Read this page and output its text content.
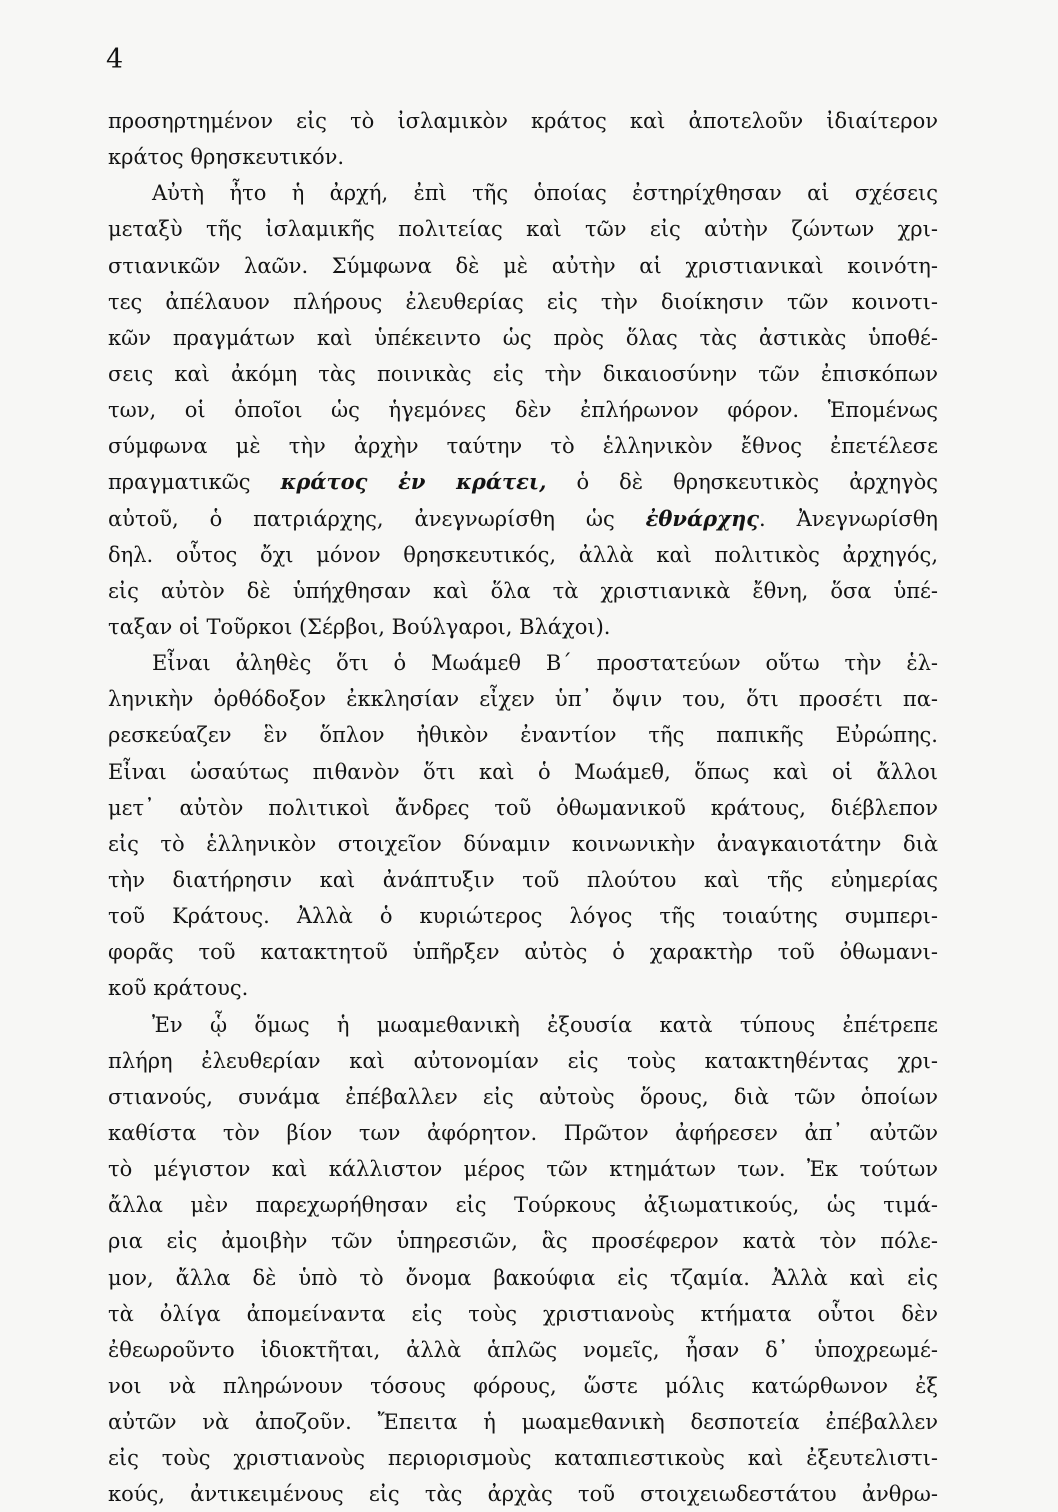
4
προσηρτημένον εἰς τὸ ἰσλαμικὸν κράτος καὶ ἀποτελοῦν ἰδιαίτερον
κράτος θρησκευτικόν.
Αὐτὴ ἦτο ἡ ἀρχή, ἐπὶ τῆς ὁποίας ἐστηρίχθησαν αἱ σχέσεις
μεταξὺ τῆς ἰσλαμικῆς πολιτείας καὶ τῶν εἰς αὐτὴν ζώντων χρι-
στιανικῶν λαῶν. Σύμφωνα δὲ μὲ αὐτὴν αἱ χριστιανικαὶ κοινότη-
τες ἀπέλαυον πλήρους ἐλευθερίας εἰς τὴν διοίκησιν τῶν κοινοτι-
κῶν πραγμάτων καὶ ὑπέκειντο ὡς πρὸς ὅλας τὰς ἀστικὰς ὑποθέ-
σεις καὶ ἀκόμη τὰς ποινικὰς εἰς τὴν δικαιοσύνην τῶν ἐπισκόπων
των, οἱ ὁποῖοι ὡς ἡγεμόνες δὲν ἐπλήρωνον φόρον. Ἑπομένως
σύμφωνα μὲ τὴν ἀρχὴν ταύτην τὸ ἑλληνικὸν ἔθνος ἐπετέλεσε
πραγματικῶς κράτος ἐν κράτει, ὁ δὲ θρησκευτικὸς ἀρχηγὸς
αὐτοῦ, ὁ πατριάρχης, ἀνεγνωρίσθη ὡς ἐθνάρχης. Ἀνεγνωρίσθη
δηλ. οὗτος ὄχι μόνον θρησκευτικός, ἀλλὰ καὶ πολιτικὸς ἀρχηγός,
εἰς αὐτὸν δὲ ὑπήχθησαν καὶ ὅλα τὰ χριστιανικὰ ἔθνη, ὅσα ὑπέ-
ταξαν οἱ Τοῦρκοι (Σέρβοι, Βούλγαροι, Βλάχοι).
Εἶναι ἀληθὲς ὅτι ὁ Μωάμεθ Β΄ προστατεύων οὕτω τὴν ἑλ-
ληνικὴν ὀρθόδοξον ἐκκλησίαν εἶχεν ὑπ᾽ ὄψιν του, ὅτι προσέτι πα-
ρεσκεύαζεν ἓν ὅπλον ἠθικὸν ἐναντίον τῆς παπικῆς Εὐρώπης.
Εἶναι ὡσαύτως πιθανὸν ὅτι καὶ ὁ Μωάμεθ, ὅπως καὶ οἱ ἄλλοι
μετ᾽ αὐτὸν πολιτικοὶ ἄνδρες τοῦ ὀθωμανικοῦ κράτους, διέβλεπον
εἰς τὸ ἑλληνικὸν στοιχεῖον δύναμιν κοινωνικὴν ἀναγκαιοτάτην διὰ
τὴν διατήρησιν καὶ ἀνάπτυξιν τοῦ πλούτου καὶ τῆς εὐημερίας
τοῦ Κράτους. Ἀλλὰ ὁ κυριώτερος λόγος τῆς τοιαύτης συμπερι-
φορᾶς τοῦ κατακτητοῦ ὑπῆρξεν αὐτὸς ὁ χαρακτὴρ τοῦ ὀθωμανι-
κοῦ κράτους.
Ἐν ᾧ ὅμως ἡ μωαμεθανικὴ ἐξουσία κατὰ τύπους ἐπέτρεπε
πλήρη ἐλευθερίαν καὶ αὐτονομίαν εἰς τοὺς κατακτηθέντας χρι-
στιανούς, συνάμα ἐπέβαλλεν εἰς αὐτοὺς ὅρους, διὰ τῶν ὁποίων
καθίστα τὸν βίον των ἀφόρητον. Πρῶτον ἀφήρεσεν ἀπ᾽ αὐτῶν
τὸ μέγιστον καὶ κάλλιστον μέρος τῶν κτημάτων των. Ἐκ τούτων
ἄλλα μὲν παρεχωρήθησαν εἰς Τούρκους ἀξιωματικούς, ὡς τιμά-
ρια εἰς ἀμοιβὴν τῶν ὑπηρεσιῶν, ἃς προσέφερον κατὰ τὸν πόλε-
μον, ἄλλα δὲ ὑπὸ τὸ ὄνομα βακούφια εἰς τζαμία. Ἀλλὰ καὶ εἰς
τὰ ὀλίγα ἀπομείναντα εἰς τοὺς χριστιανοὺς κτήματα οὗτοι δὲν
ἐθεωροῦντο ἰδιοκτῆται, ἀλλὰ ἁπλῶς νομεῖς, ἦσαν δ᾽ ὑποχρεωμέ-
νοι νὰ πληρώνουν τόσους φόρους, ὥστε μόλις κατώρθωνον ἐξ
αὐτῶν νὰ ἀποζοῦν. Ἔπειτα ἡ μωαμεθανικὴ δεσποτεία ἐπέβαλλεν
εἰς τοὺς χριστιανοὺς περιορισμοὺς καταπιεστικοὺς καὶ ἐξευτελιστι-
κούς, ἀντικειμένους εἰς τὰς ἀρχὰς τοῦ στοιχειωδεστάτου ἀνθρω-
